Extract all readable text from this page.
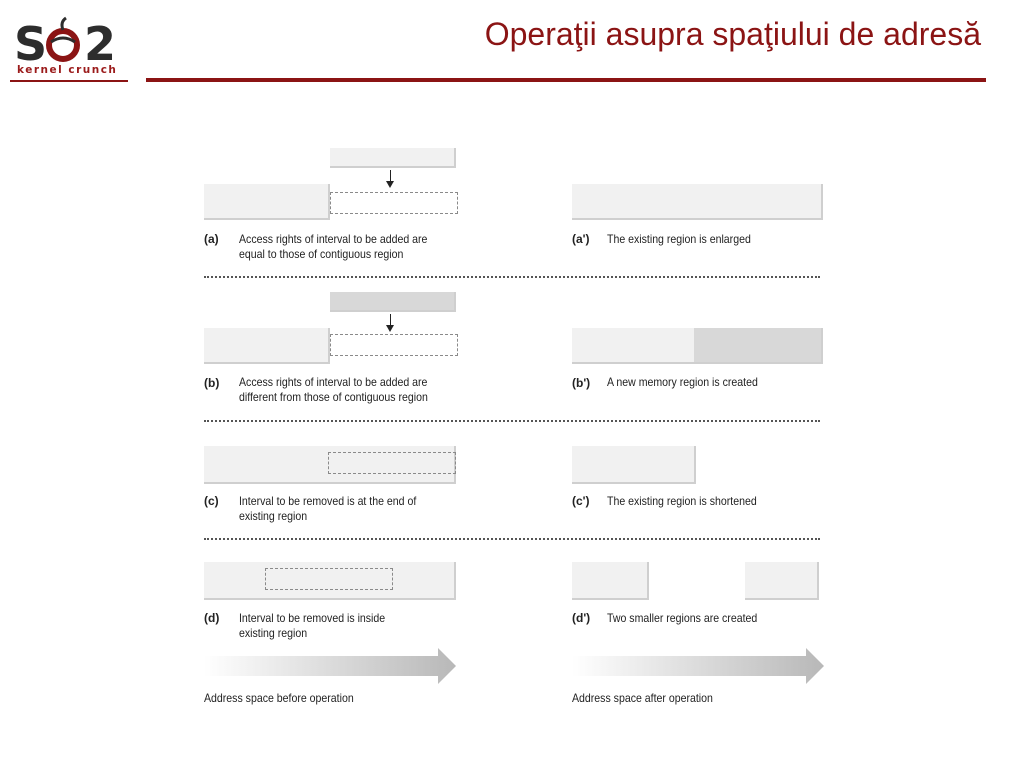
S 2
kernel crunch
Operaţii asupra spaţiului de adresă
(a) Access rights of interval to be added are
equal to those of contiguous region
(a') The existing region is enlarged
(b) Access rights of interval to be added are
different from those of contiguous region
(b') A new memory region is created
(c) Interval to be removed is at the end of
existing region
(c') The existing region is shortened
(d) Interval to be removed is inside
existing region
(d') Two smaller regions are created
Address space before operation	Address space after operation
